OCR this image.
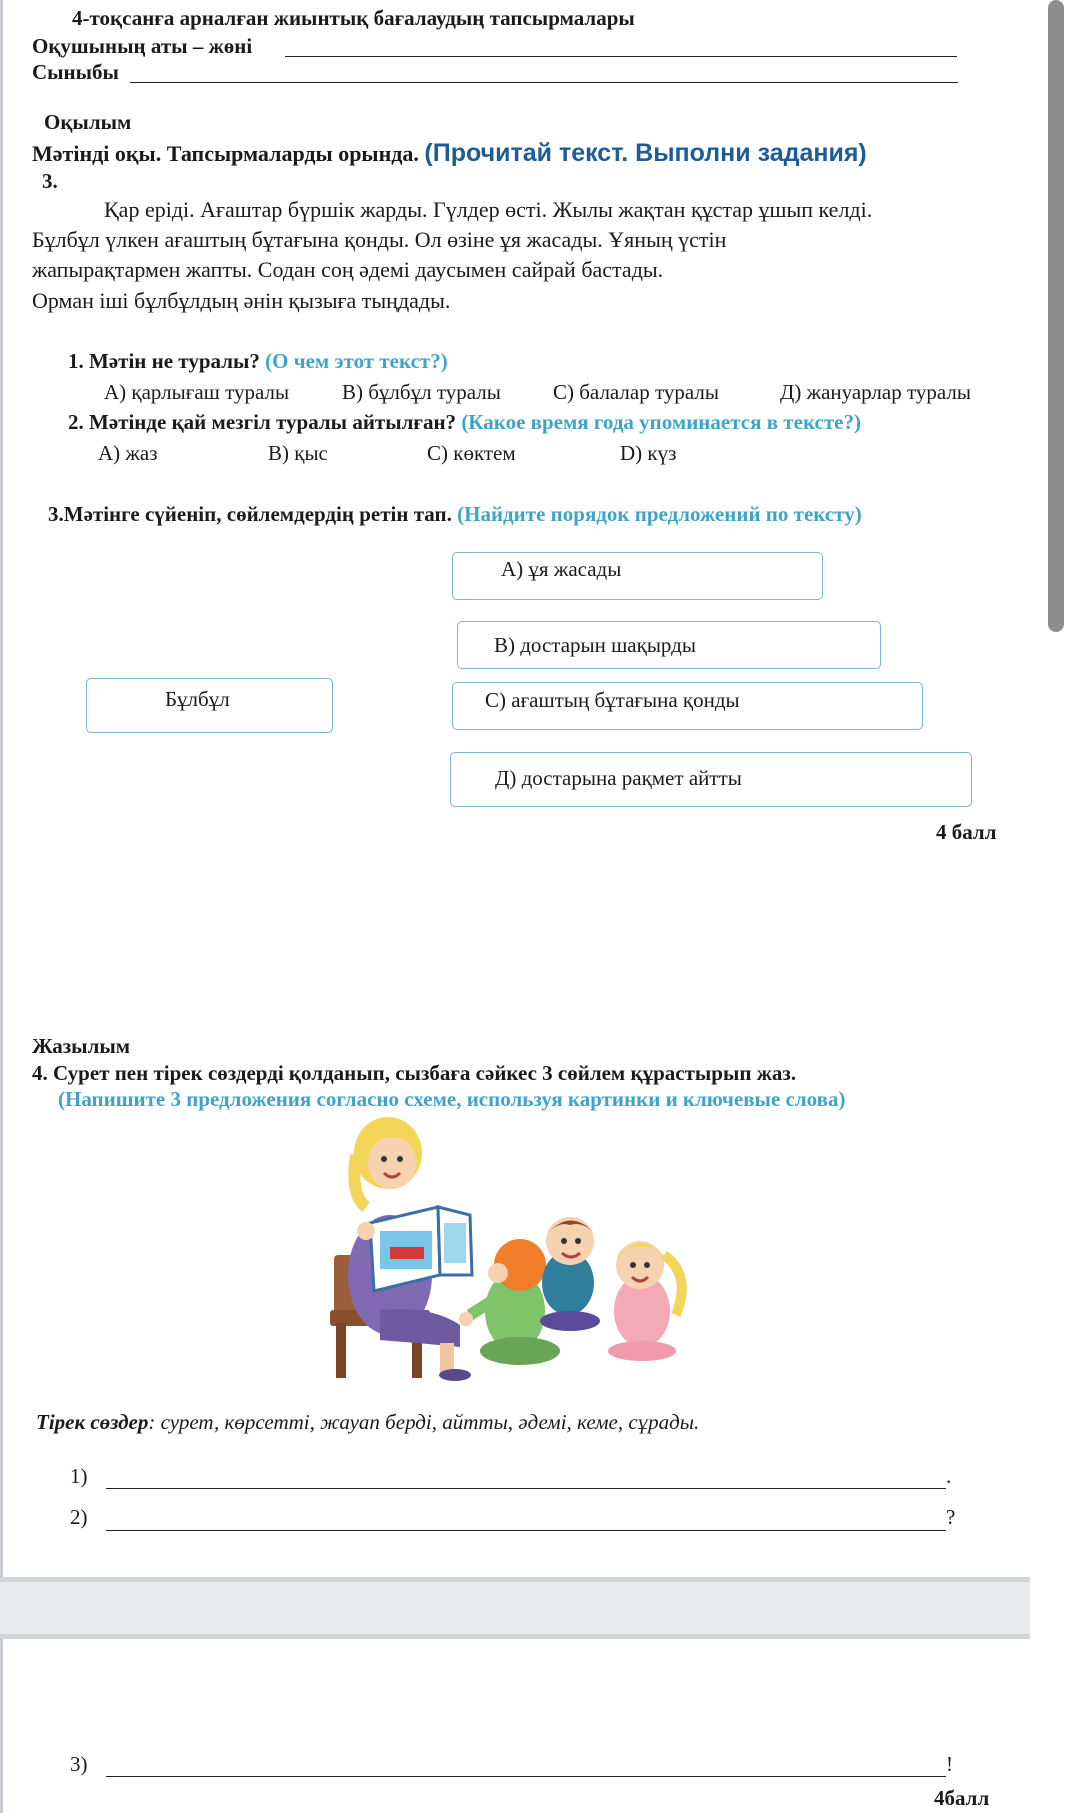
4-тоқсанға арналған жиынтық бағалаудың тапсырмалары
Оқушының аты – жөні
Сыныбы
Оқылым
Мәтінді оқы. Тапсырмаларды орында. (Прочитай текст. Выполни задания)
3.
Қар еріді. Ағаштар бүршік жарды. Гүлдер өсті. Жылы жақтан құстар ұшып келді.
Бұлбұл үлкен ағаштың бұтағына қонды. Ол өзіне ұя жасады. Ұяның үстін
жапырақтармен жапты. Содан соң әдемі даусымен сайрай бастады.
Орман іші бұлбұлдың әнін қызыға тыңдады.
1. Мәтін не туралы? (О чем этот текст?)
А) қарлығаш туралы	В) бұлбұл туралы С) балалар туралы	Д) жануарлар туралы
2. Мәтінде қай мезгіл туралы айтылған? (Какое время года упоминается в тексте?)
А) жаз	В) қыс	С) көктем	D) күз
3.Мәтінге сүйеніп, сөйлемдердің ретін тап. (Найдите порядок предложений по тексту)
А) ұя жасады
В) достарын шақырды
Бұлбұл	С) ағаштың бұтағына қонды
Д) достарына рақмет айтты
4 балл
Жазылым
4. Сурет пен тірек сөздерді қолданып, сызбаға сәйкес 3 сөйлем құрастырып жаз.
(Напишите 3 предложения согласно схеме, используя картинки и ключевые слова)
Тірек сөздер: сурет, көрсетті, жауап берді, айтты, әдемі, кеме, сұрады.
1)	.
2)	?
3)	!
4балл
